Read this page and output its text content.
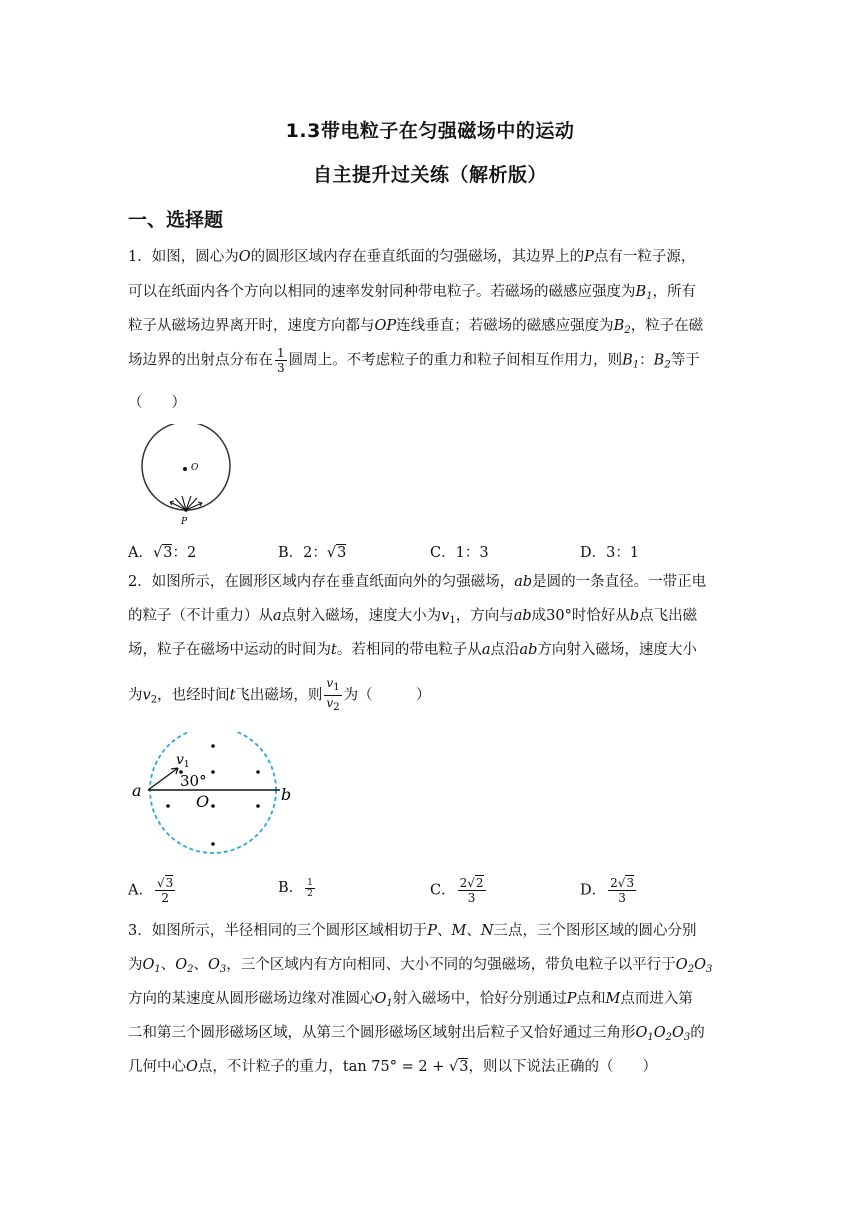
1.3带电粒子在匀强磁场中的运动
自主提升过关练（解析版）
一、选择题
1．如图，圆心为O的圆形区域内存在垂直纸面的匀强磁场，其边界上的P点有一粒子源，
可以在纸面内各个方向以相同的速率发射同种带电粒子。若磁场的磁感应强度为$B_1$，所有
粒子从磁场边界离开时，速度方向都与OP连线垂直；若磁场的磁感应强度为$B_2$，粒子在磁
场边界的出射点分布在 $\frac{1}{3}$ 圆周上。不考虑粒子的重力和粒子间相互作用力，则$B_1$：$B_2$等于
（　　）
O
P
A．√3：2	B．2：√3	C．1：3	D．3：1
2．如图所示，在圆形区域内存在垂直纸面向外的匀强磁场，ab是圆的一条直径。一带正电
的粒子（不计重力）从a点射入磁场，速度大小为$v_1$，方向与ab成30°时恰好从b点飞出磁
场，粒子在磁场中运动的时间为t。若相同的带电粒子从a点沿ab方向射入磁场，速度大小
为$v_2$，也经时间t飞出磁场，则 $\frac{v_1}{v_2}$ 为（　　　）
$v_1$
30°
a	b
O
A． $\frac{√3}{2}$	B． $\frac{1}{2}$	C． $\frac{2√2}{3}$	D． $\frac{2√3}{3}$
3．如图所示，半径相同的三个圆形区域相切于P、M、N三点，三个图形区域的圆心分别
为$O_1$、$O_2$、$O_3$，三个区域内有方向相同、大小不同的匀强磁场，带负电粒子以平行于$O_2O_3$
方向的某速度从圆形磁场边缘对准圆心$O_1$射入磁场中，恰好分别通过P点和M点而进入第
二和第三个圆形磁场区域，从第三个圆形磁场区域射出后粒子又恰好通过三角形$O_1O_2O_3$的
几何中心O点，不计粒子的重力，tan 75° = 2 + √3，则以下说法正确的（　　）
